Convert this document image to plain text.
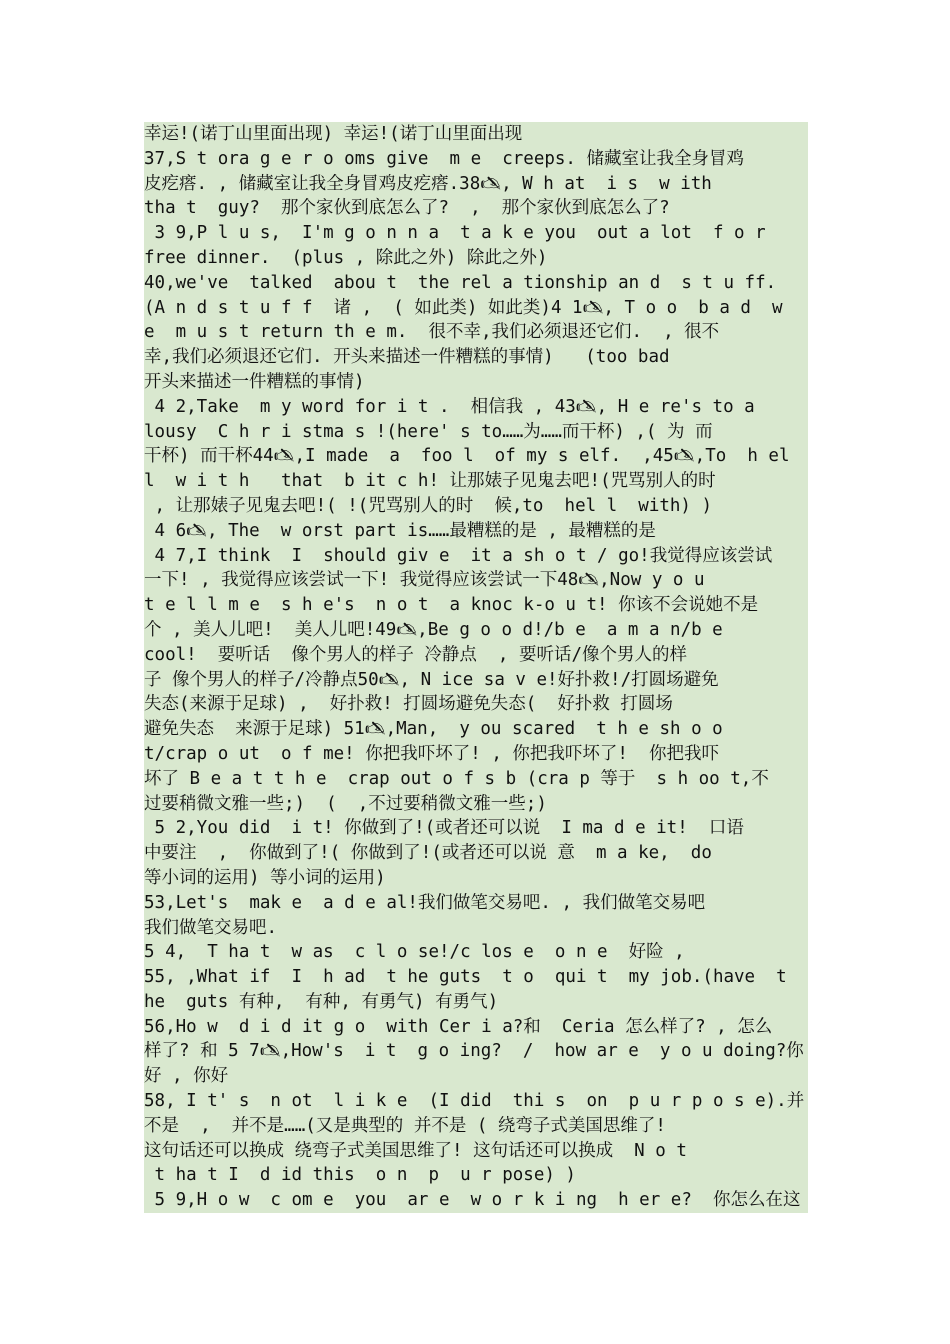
幸运!(诺丁山里面出现) 幸运!(诺丁山里面出现
37,S t ora g e r o oms give  m e  creeps. 储藏室让我全身冒鸡
皮疙瘩. , 储藏室让我全身冒鸡皮疙瘩.38🖎, W h at  i s  w ith
tha t  guy?  那个家伙到底怎么了?  ,  那个家伙到底怎么了?
3 9,P l u s,  I'm g o n n a  t a k e you  out a lot  f o r
free dinner.  (plus , 除此之外) 除此之外)
40,we've  talked  abou t  the rel a tionship an d  s t u ff.
(A n d s t u f f  诸 ,  ( 如此类) 如此类)4 1🖎, T o o  b a d  w
e  m u s t return th e m.  很不幸,我们必须退还它们.  , 很不
幸,我们必须退还它们. 开头来描述一件糟糕的事情)   (too bad
开头来描述一件糟糕的事情)
4 2,Take  m y word for i t .  相信我 , 43🖎, H e re's to a
lousy  C h r i stma s !(here' s to……为……而干杯) ,( 为 而
干杯) 而干杯44🖎,I made  a  foo l  of my s elf.  ,45🖎,To  h el
l  w i t h   that  b it c h! 让那婊子见鬼去吧!(咒骂别人的时
, 让那婊子见鬼去吧!( !(咒骂别人的时  候,to  hel l  with) )
4 6🖎, The  w orst part is……最糟糕的是 , 最糟糕的是
4 7,I think  I  should giv e  it a sh o t / go!我觉得应该尝试
一下! , 我觉得应该尝试一下! 我觉得应该尝试一下48🖎,Now y o u
t e l l m e  s h e's  n o t  a knoc k-o u t! 你该不会说她不是
个 , 美人儿吧!  美人儿吧!49🖎,Be g o o d!/b e  a m a n/b e
cool!  要听话  像个男人的样子 冷静点  , 要听话/像个男人的样
子 像个男人的样子/冷静点50🖎, N ice sa v e!好扑救!/打圆场避免
失态(来源于足球) ,  好扑救! 打圆场避免失态(  好扑救 打圆场
避免失态  来源于足球) 51🖎,Man,  y ou scared  t h e sh o o
t/crap o ut  o f me! 你把我吓坏了! , 你把我吓坏了!  你把我吓
坏了 B e a t t h e  crap out o f s b (cra p 等于  s h oo t,不
过要稍微文雅一些;)  (  ,不过要稍微文雅一些;)
5 2,You did  i t! 你做到了!(或者还可以说  I ma d e it!  口语
中要注  ,  你做到了!( 你做到了!(或者还可以说 意  m a ke,  do
等小词的运用) 等小词的运用)
53,Let's  mak e  a d e al!我们做笔交易吧. , 我们做笔交易吧
我们做笔交易吧.
5 4,  T ha t  w as  c l o se!/c los e  o n e  好险 ,
55, ,What if  I  h ad  t he guts  t o  qui t  my job.(have  t
he  guts 有种,  有种, 有勇气) 有勇气)
56,Ho w  d i d it g o  with Cer i a?和  Ceria 怎么样了? , 怎么
样了? 和 5 7🖎,How's  i t  g o ing?  /  how ar e  y o u doing?你
好 , 你好
58, I t' s  n ot  l i k e  (I did  thi s  on  p u r p o s e).并
不是  ,  并不是……(又是典型的 并不是 ( 绕弯子式美国思维了!
这句话还可以换成 绕弯子式美国思维了! 这句话还可以换成  N o t
t ha t I  d id this  o n  p  u r pose) )
5 9,H o w  c om e  you  ar e  w o r k i ng  h er e?  你怎么在这
